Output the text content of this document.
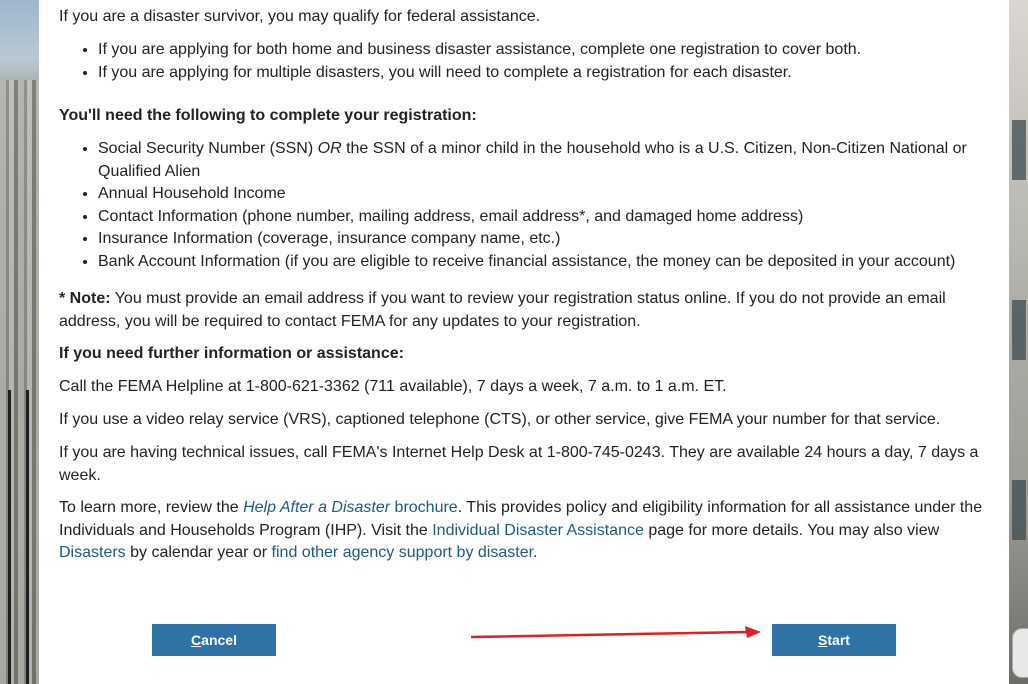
If you are a disaster survivor, you may qualify for federal assistance.

• If you are applying for both home and business disaster assistance, complete one registration to cover both.
• If you are applying for multiple disasters, you will need to complete a registration for each disaster.

You'll need the following to complete your registration:

• Social Security Number (SSN) OR the SSN of a minor child in the household who is a U.S. Citizen, Non-Citizen National or Qualified Alien
• Annual Household Income
• Contact Information (phone number, mailing address, email address*, and damaged home address)
• Insurance Information (coverage, insurance company name, etc.)
• Bank Account Information (if you are eligible to receive financial assistance, the money can be deposited in your account)

* Note: You must provide an email address if you want to review your registration status online. If you do not provide an email address, you will be required to contact FEMA for any updates to your registration.

If you need further information or assistance:

Call the FEMA Helpline at 1-800-621-3362 (711 available), 7 days a week, 7 a.m. to 1 a.m. ET.

If you use a video relay service (VRS), captioned telephone (CTS), or other service, give FEMA your number for that service.

If you are having technical issues, call FEMA's Internet Help Desk at 1-800-745-0243. They are available 24 hours a day, 7 days a week.

To learn more, review the Help After a Disaster brochure. This provides policy and eligibility information for all assistance under the Individuals and Households Program (IHP). Visit the Individual Disaster Assistance page for more details. You may also view Disasters by calendar year or find other agency support by disaster.

C ancel	S tart
